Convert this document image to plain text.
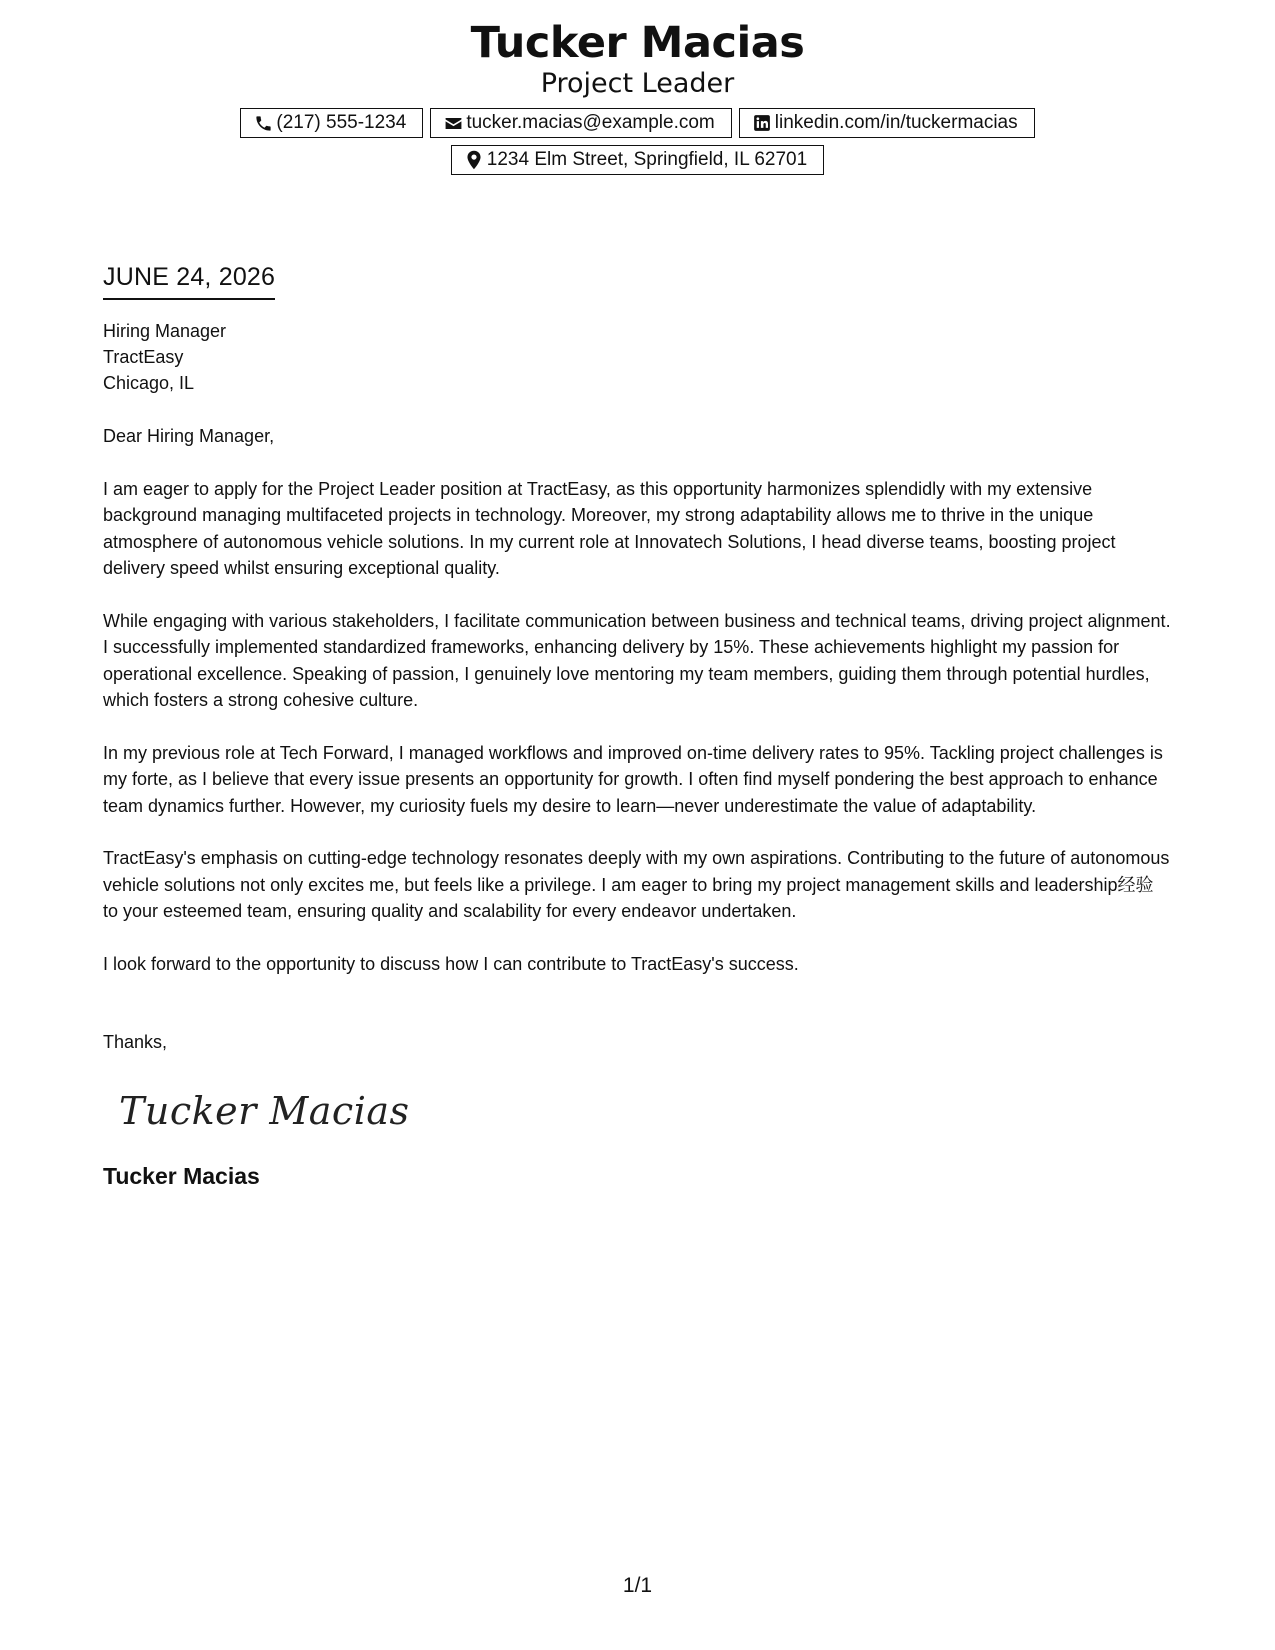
Tucker Macias
Project Leader
(217) 555-1234	tucker.macias@example.com	linkedin.com/in/tuckermacias
1234 Elm Street, Springfield, IL 62701
JUNE 24, 2026
Hiring Manager
TractEasy
Chicago, IL
Dear Hiring Manager,
I am eager to apply for the Project Leader position at TractEasy, as this opportunity harmonizes splendidly with my extensive background managing multifaceted projects in technology. Moreover, my strong adaptability allows me to thrive in the unique atmosphere of autonomous vehicle solutions. In my current role at Innovatech Solutions, I head diverse teams, boosting project delivery speed whilst ensuring exceptional quality.
While engaging with various stakeholders, I facilitate communication between business and technical teams, driving project alignment. I successfully implemented standardized frameworks, enhancing delivery by 15%. These achievements highlight my passion for operational excellence. Speaking of passion, I genuinely love mentoring my team members, guiding them through potential hurdles, which fosters a strong cohesive culture.
In my previous role at Tech Forward, I managed workflows and improved on-time delivery rates to 95%. Tackling project challenges is my forte, as I believe that every issue presents an opportunity for growth. I often find myself pondering the best approach to enhance team dynamics further. However, my curiosity fuels my desire to learn—never underestimate the value of adaptability.
TractEasy's emphasis on cutting-edge technology resonates deeply with my own aspirations. Contributing to the future of autonomous vehicle solutions not only excites me, but feels like a privilege. I am eager to bring my project management skills and leadership经验 to your esteemed team, ensuring quality and scalability for every endeavor undertaken.
I look forward to the opportunity to discuss how I can contribute to TractEasy's success.
Thanks,
Tucker Macias
Tucker Macias
1/1
